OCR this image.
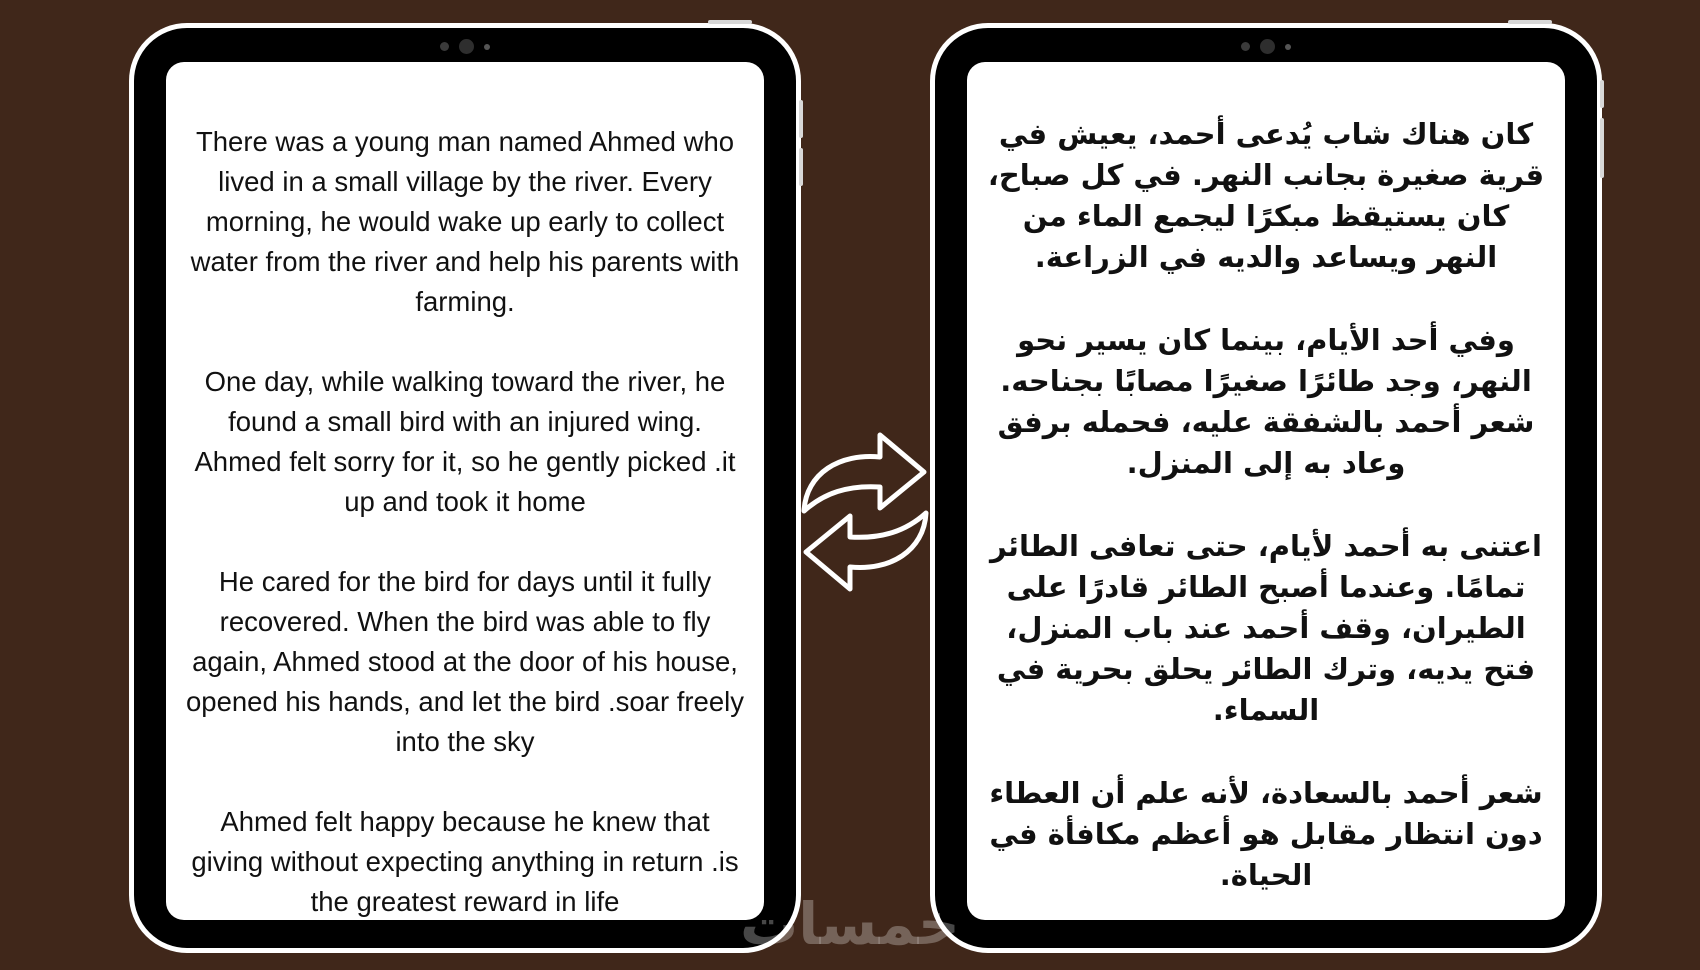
There was a young man named Ahmed who lived in a small village by the river. Every morning, he would wake up early to collect water from the river and help his parents with farming.

One day, while walking toward the river, he found a small bird with an injured wing. Ahmed felt sorry for it, so he gently picked .it up and took it home

He cared for the bird for days until it fully recovered. When the bird was able to fly again, Ahmed stood at the door of his house, opened his hands, and let the bird .soar freely into the sky

Ahmed felt happy because he knew that giving without expecting anything in return .is the greatest reward in life

كان هناك شاب يُدعى أحمد، يعيش في قرية صغيرة بجانب النهر. في كل صباح، كان يستيقظ مبكرًا ليجمع الماء من النهر ويساعد والديه في الزراعة.

وفي أحد الأيام، بينما كان يسير نحو النهر، وجد طائرًا صغيرًا مصابًا بجناحه. شعر أحمد بالشفقة عليه، فحمله برفق وعاد به إلى المنزل.

اعتنى به أحمد لأيام، حتى تعافى الطائر تمامًا. وعندما أصبح الطائر قادرًا على الطيران، وقف أحمد عند باب المنزل، فتح يديه، وترك الطائر يحلق بحرية في السماء.

شعر أحمد بالسعادة، لأنه علم أن العطاء دون انتظار مقابل هو أعظم مكافأة في الحياة.

خمسات
